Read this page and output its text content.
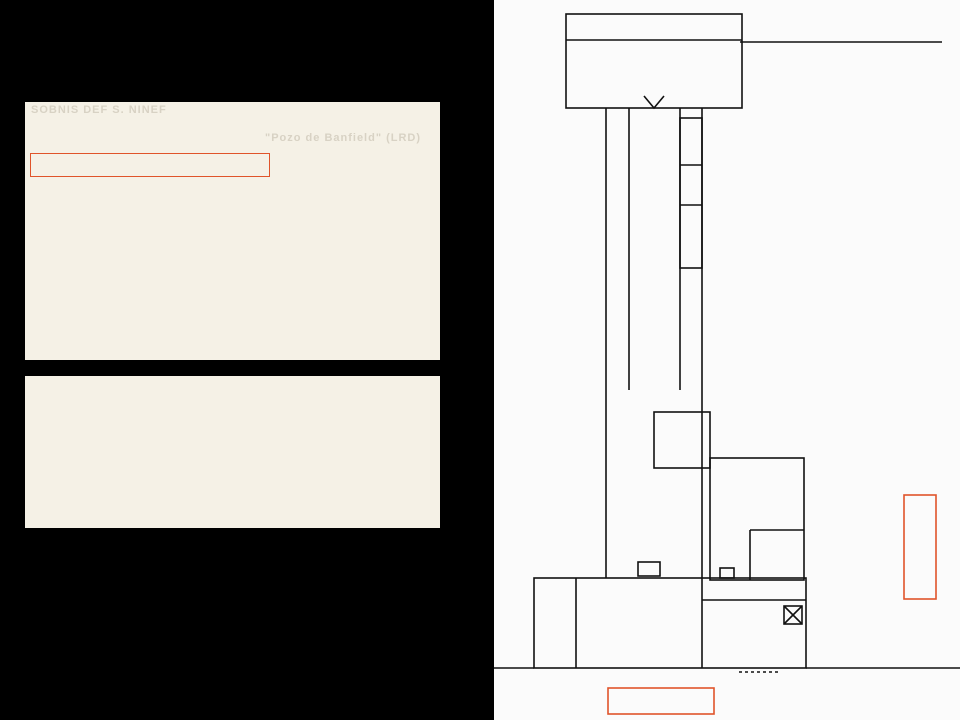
SOBNIS DEF S. NINEF
"Pozo de Banfield" (LRD)
